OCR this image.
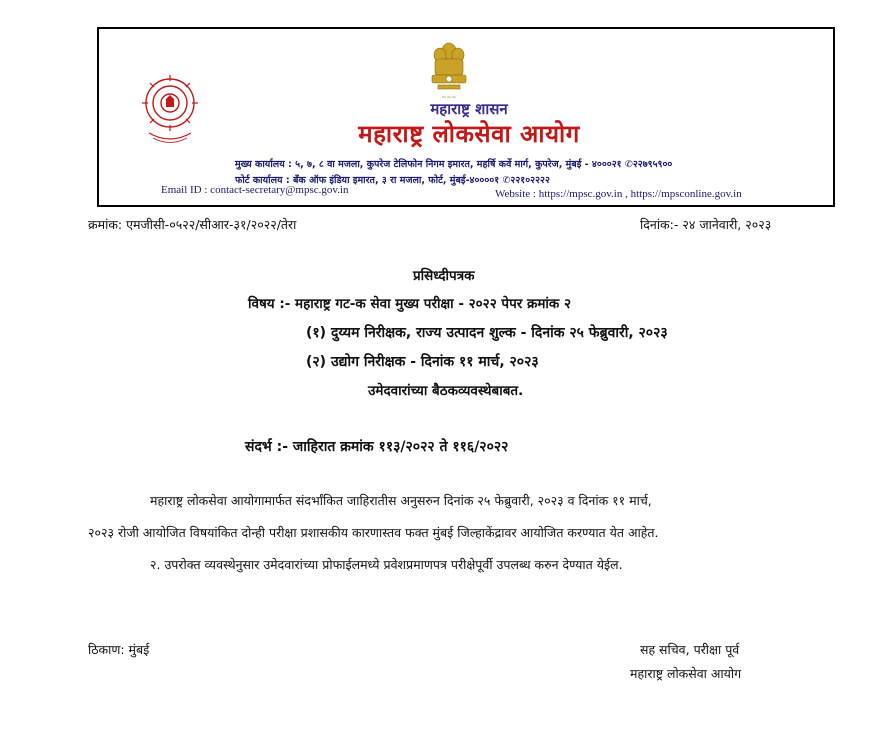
~~~
महाराष्ट्र शासन
महाराष्ट्र लोकसेवा आयोग
मुख्य कार्यालय : ५, ७, ८ वा मजला, कुपरेज टेलिफोन निगम इमारत, महर्षि कर्वे मार्ग, कुपरेज, मुंबई - ४०००२१ ✆२२७९५९००
फोर्ट कार्यालय : बँक ऑफ इंडिया इमारत, ३ रा मजला, फोर्ट, मुंबई-४००००१ ✆२२१०२२२२
Email ID : contact-secretary@mpsc.gov.in	Website : https://mpsc.gov.in , https://mpsconline.gov.in
क्रमांक: एमजीसी-०५२२/सीआर-३१/२०२२/तेरा	दिनांक:- २४ जानेवारी, २०२३
प्रसिध्दीपत्रक
विषय :- महाराष्ट्र गट-क सेवा मुख्य परीक्षा - २०२२ पेपर क्रमांक २
(१) दुय्यम निरीक्षक, राज्य उत्पादन शुल्क - दिनांक २५ फेब्रुवारी, २०२३
(२) उद्योग निरीक्षक - दिनांक ११ मार्च, २०२३
उमेदवारांच्या बैठकव्यवस्थेबाबत.
संदर्भ :- जाहिरात क्रमांक ११३/२०२२ ते ११६/२०२२
महाराष्ट्र लोकसेवा आयोगामार्फत संदर्भांकित जाहिरातीस अनुसरुन दिनांक २५ फेब्रुवारी, २०२३ व दिनांक ११ मार्च,
२०२३ रोजी आयोजित विषयांकित दोन्ही परीक्षा प्रशासकीय कारणास्तव फक्त मुंबई जिल्हाकेंद्रावर आयोजित करण्यात येत आहेत.
२. उपरोक्त व्यवस्थेनुसार उमेदवारांच्या प्रोफाईलमध्ये प्रवेशप्रमाणपत्र परीक्षेपूर्वी उपलब्ध करुन देण्यात येईल.
ठिकाण: मुंबई	सह सचिव, परीक्षा पूर्व
महाराष्ट्र लोकसेवा आयोग
